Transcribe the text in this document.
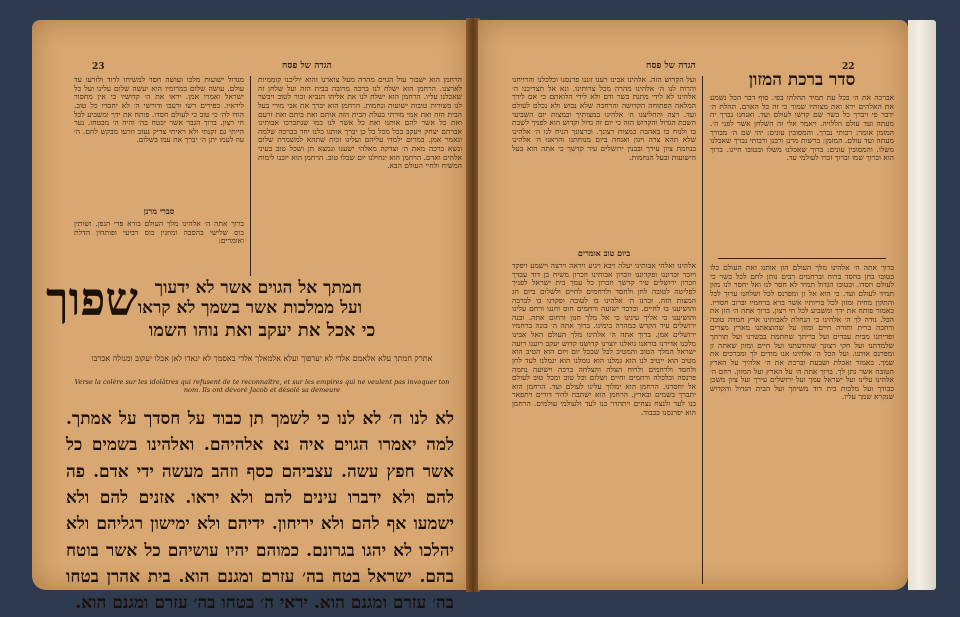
23	הגדה של פסח

הרחמן הוא ישבור עול הגוים מהרה מעל צוארנו והוא יוליכנו קוממיות לארצנו. הרחמן הוא ישלח לנו ברכה מרובה בבית הזה ועל שלחן זה שאכלנו עליו. הרחמן הוא ישלח לנו את אליהו הנביא זכור לטוב ויבשר לנו בשורות טובות ישועות ונחמות. הרחמן הוא יברך את אבי מורי בעל הבית הזה ואת אמי מורתי בעלת הבית הזה אותם ואת ביתם ואת זרעם ואת כל אשר להם אותנו ואת כל אשר לנו כמו שנתברכו אבותינו אברהם יצחק ויעקב בכל מכל כל כן יברך אותנו כלנו יחד בברכה שלמה ונאמר אמן. במרום ילמדו עליהם ועלינו זכות שתהא למשמרת שלום ונשא ברכה מאת ה׳ וצדקה מאלהי ישענו ונמצא חן ושכל טוב בעיני אלהים ואדם. הרחמן הוא ינחילנו יום שכלו טוב. הרחמן הוא יזכנו לימות המשיח ולחיי העולם הבא.

מגדול ישועות מלכו ועושה חסד למשיחו לדוד ולזרעו עד עולם. עושה שלום במרומיו הוא יעשה שלום עלינו ועל כל ישראל ואמרו אמן. יראו את ה׳ קדושיו כי אין מחסור ליראיו. כפירים רשו ורעבו ודורשי ה׳ לא יחסרו כל טוב. הודו לה׳ כי טוב כי לעולם חסדו. פותח את ידך ומשביע לכל חי רצון. ברוך הגבר אשר יבטח בה׳ והיה ה׳ מבטחו. נער הייתי גם זקנתי ולא ראיתי צדיק נעזב וזרעו מבקש לחם. ה׳ עוז לעמו יתן ה׳ יברך את עמו בשלום.

סברי מרנן

ברוך אתה ה׳ אלהינו מלך העולם בורא פרי הגפן. ושותין כוס שלישי בהסבה ומוזגין כוס רביעי ופותחין הדלת ואומרים:

שפוך חמתך אל הגוים אשר לא ידעוך
ועל ממלכות אשר בשמך לא קראו
כי אכל את יעקב ואת נוהו השמו

אתרק חמתך עלא אלאמם אלדי לא יערפוך ועלא אלמאלך אלדי באסמך לא ינאדו לאן אכלו יעקוב ומנזלה אכרבו

Verse la colère sur les idolâtres qui refusent de te reconnaître, et sur les empires qui ne veulent pas invoquer ton nom. Ils ont dévoré Jacob et désolé sa demeure

לא לנו ה׳ לא לנו כי לשמך תן כבוד על חסדך על אמתך. למה יאמרו הגוים איה נא אלהיהם. ואלהינו בשמים כל אשר חפץ עשה. עצביהם כסף וזהב מעשה ידי אדם. פה להם ולא ידברו עינים להם ולא יראו. אזנים להם ולא ישמעו אף להם ולא יריחון. ידיהם ולא ימישון רגליהם ולא יהלכו לא יהגו בגרונם. כמוהם יהיו עושיהם כל אשר בוטח בהם. ישראל בטח בה׳ עזרם ומגנם הוא. בית אהרן בטחו בה׳ עזרם ומגנם הוא. יראי ה׳ בטחו בה׳ עזרם ומגנם הוא.

22
הגדה של פסח
סדר ברכת המזון

אברכה את ה׳ בכל עת תמיד תהלתו בפי. סוף דבר הכל נשמע את האלהים ירא ואת מצותיו שמור כי זה כל האדם. תהלת ה׳ ידבר פי ויברך כל בשר שם קדשו לעולם ועד. ואנחנו נברך יה מעתה ועד עולם הללויה. ויאמר אלי זה השלחן אשר לפני ה׳. המזמן אומר: רבותי נברך. והמסובין עונים: יהי שם ה׳ מבורך מעתה ועד עולם. המזמן: ברשות מרנן ורבנן ורבותי נברך שאכלנו משלו. והמסובין עונים: ברוך שאכלנו משלו ובטובו חיינו. ברוך הוא וברוך שמו וברוך זכרו לעולמי עד.

ברוך אתה ה׳ אלהינו מלך העולם הזן אותנו ואת העולם כלו בטובו בחן בחסד ברוח וברחמים רבים נותן לחם לכל בשר כי לעולם חסדו. ובטובו הגדול תמיד לא חסר לנו ואל יחסר לנו מזון תמיד לעולם ועד. כי הוא אל זן ומפרנס לכל ושלחנו ערוך לכל והתקין מחיה ומזון לכל בריותיו אשר ברא ברחמיו וברוב חסדיו. כאמור פותח את ידך ומשביע לכל חי רצון. ברוך אתה ה׳ הזן את הכל. נודה לך ה׳ אלהינו כי הנחלת לאבותינו ארץ חמדה טובה ורחבה ברית ותורה חיים ומזון על שהוצאתנו מארץ מצרים ופדיתנו מבית עבדים ועל בריתך שחתמת בבשרנו ועל תורתך שלמדתנו ועל חקי רצונך שהודעתנו ועל חיים ומזון שאתה זן ומפרנס אותנו. ועל הכל ה׳ אלהינו אנו מודים לך ומברכים את שמך. כאמור ואכלת ושבעת וברכת את ה׳ אלהיך על הארץ הטובה אשר נתן לך. ברוך אתה ה׳ על הארץ ועל המזון. רחם ה׳ אלהינו עלינו ועל ישראל עמך ועל ירושלים עירך ועל ציון משכן כבודך ועל מלכות בית דוד משיחך ועל הבית הגדול והקדוש שנקרא שמך עליו.

ועל הקדוש הזה. אלהינו אבינו רענו זוננו פרנסנו וכלכלנו והרויחנו והרוח לנו ה׳ אלהינו מהרה מכל צרותינו. ונא אל תצריכנו ה׳ אלהינו לא לידי מתנת בשר ודם ולא לידי הלואתם כי אם לידך המלאה הפתוחה הקדושה והרחבה שלא נבוש ולא נכלם לעולם ועד. רצה והחליצנו ה׳ אלהינו במצותיך ובמצות יום השביעי השבת הגדול והקדוש הזה כי יום זה גדול וקדוש הוא לפניך לשבת בו ולנוח בו באהבה כמצות רצונך. וברצונך הניח לנו ה׳ אלהינו שלא תהא צרה ויגון ואנחה ביום מנוחתנו והראנו ה׳ אלהינו בנחמת ציון עירך ובבנין ירושלים עיר קדשך כי אתה הוא בעל הישועות ובעל הנחמות.

ביום טוב אומרים

אלהינו ואלהי אבותינו יעלה ויבא ויגיע ויראה וירצה וישמע ויפקד ויזכר זכרוננו ופקדוננו וזכרון אבותינו וזכרון משיח בן דוד עבדך וזכרון ירושלים עיר קדשך וזכרון כל עמך בית ישראל לפניך לפליטה לטובה לחן ולחסד ולרחמים לחיים ולשלום ביום חג המצות הזה. זכרנו ה׳ אלהינו בו לטובה ופקדנו בו לברכה והושיענו בו לחיים. ובדבר ישועה ורחמים חוס וחננו ורחם עלינו והושיענו כי אליך עינינו כי אל מלך חנון ורחום אתה. ובנה ירושלים עיר הקדש במהרה בימינו. ברוך אתה ה׳ בונה ברחמיו ירושלים אמן. ברוך אתה ה׳ אלהינו מלך העולם האל אבינו מלכנו אדירנו בוראנו גואלנו יוצרנו קדושנו קדוש יעקב רוענו רועה ישראל המלך הטוב והמטיב לכל שבכל יום ויום הוא הטיב הוא מטיב הוא ייטיב לנו הוא גמלנו הוא גומלנו הוא יגמלנו לעד לחן ולחסד ולרחמים ולרוח הצלה והצלחה ברכה וישועה נחמה פרנסה וכלכלה ורחמים וחיים ושלום וכל טוב ומכל טוב לעולם אל יחסרנו. הרחמן הוא ימלוך עלינו לעולם ועד. הרחמן הוא יתברך בשמים ובארץ. הרחמן הוא ישתבח לדור דורים ויתפאר בנו לעד ולנצח נצחים ויתהדר בנו לעד ולעולמי עולמים. הרחמן הוא יפרנסנו בכבוד.
